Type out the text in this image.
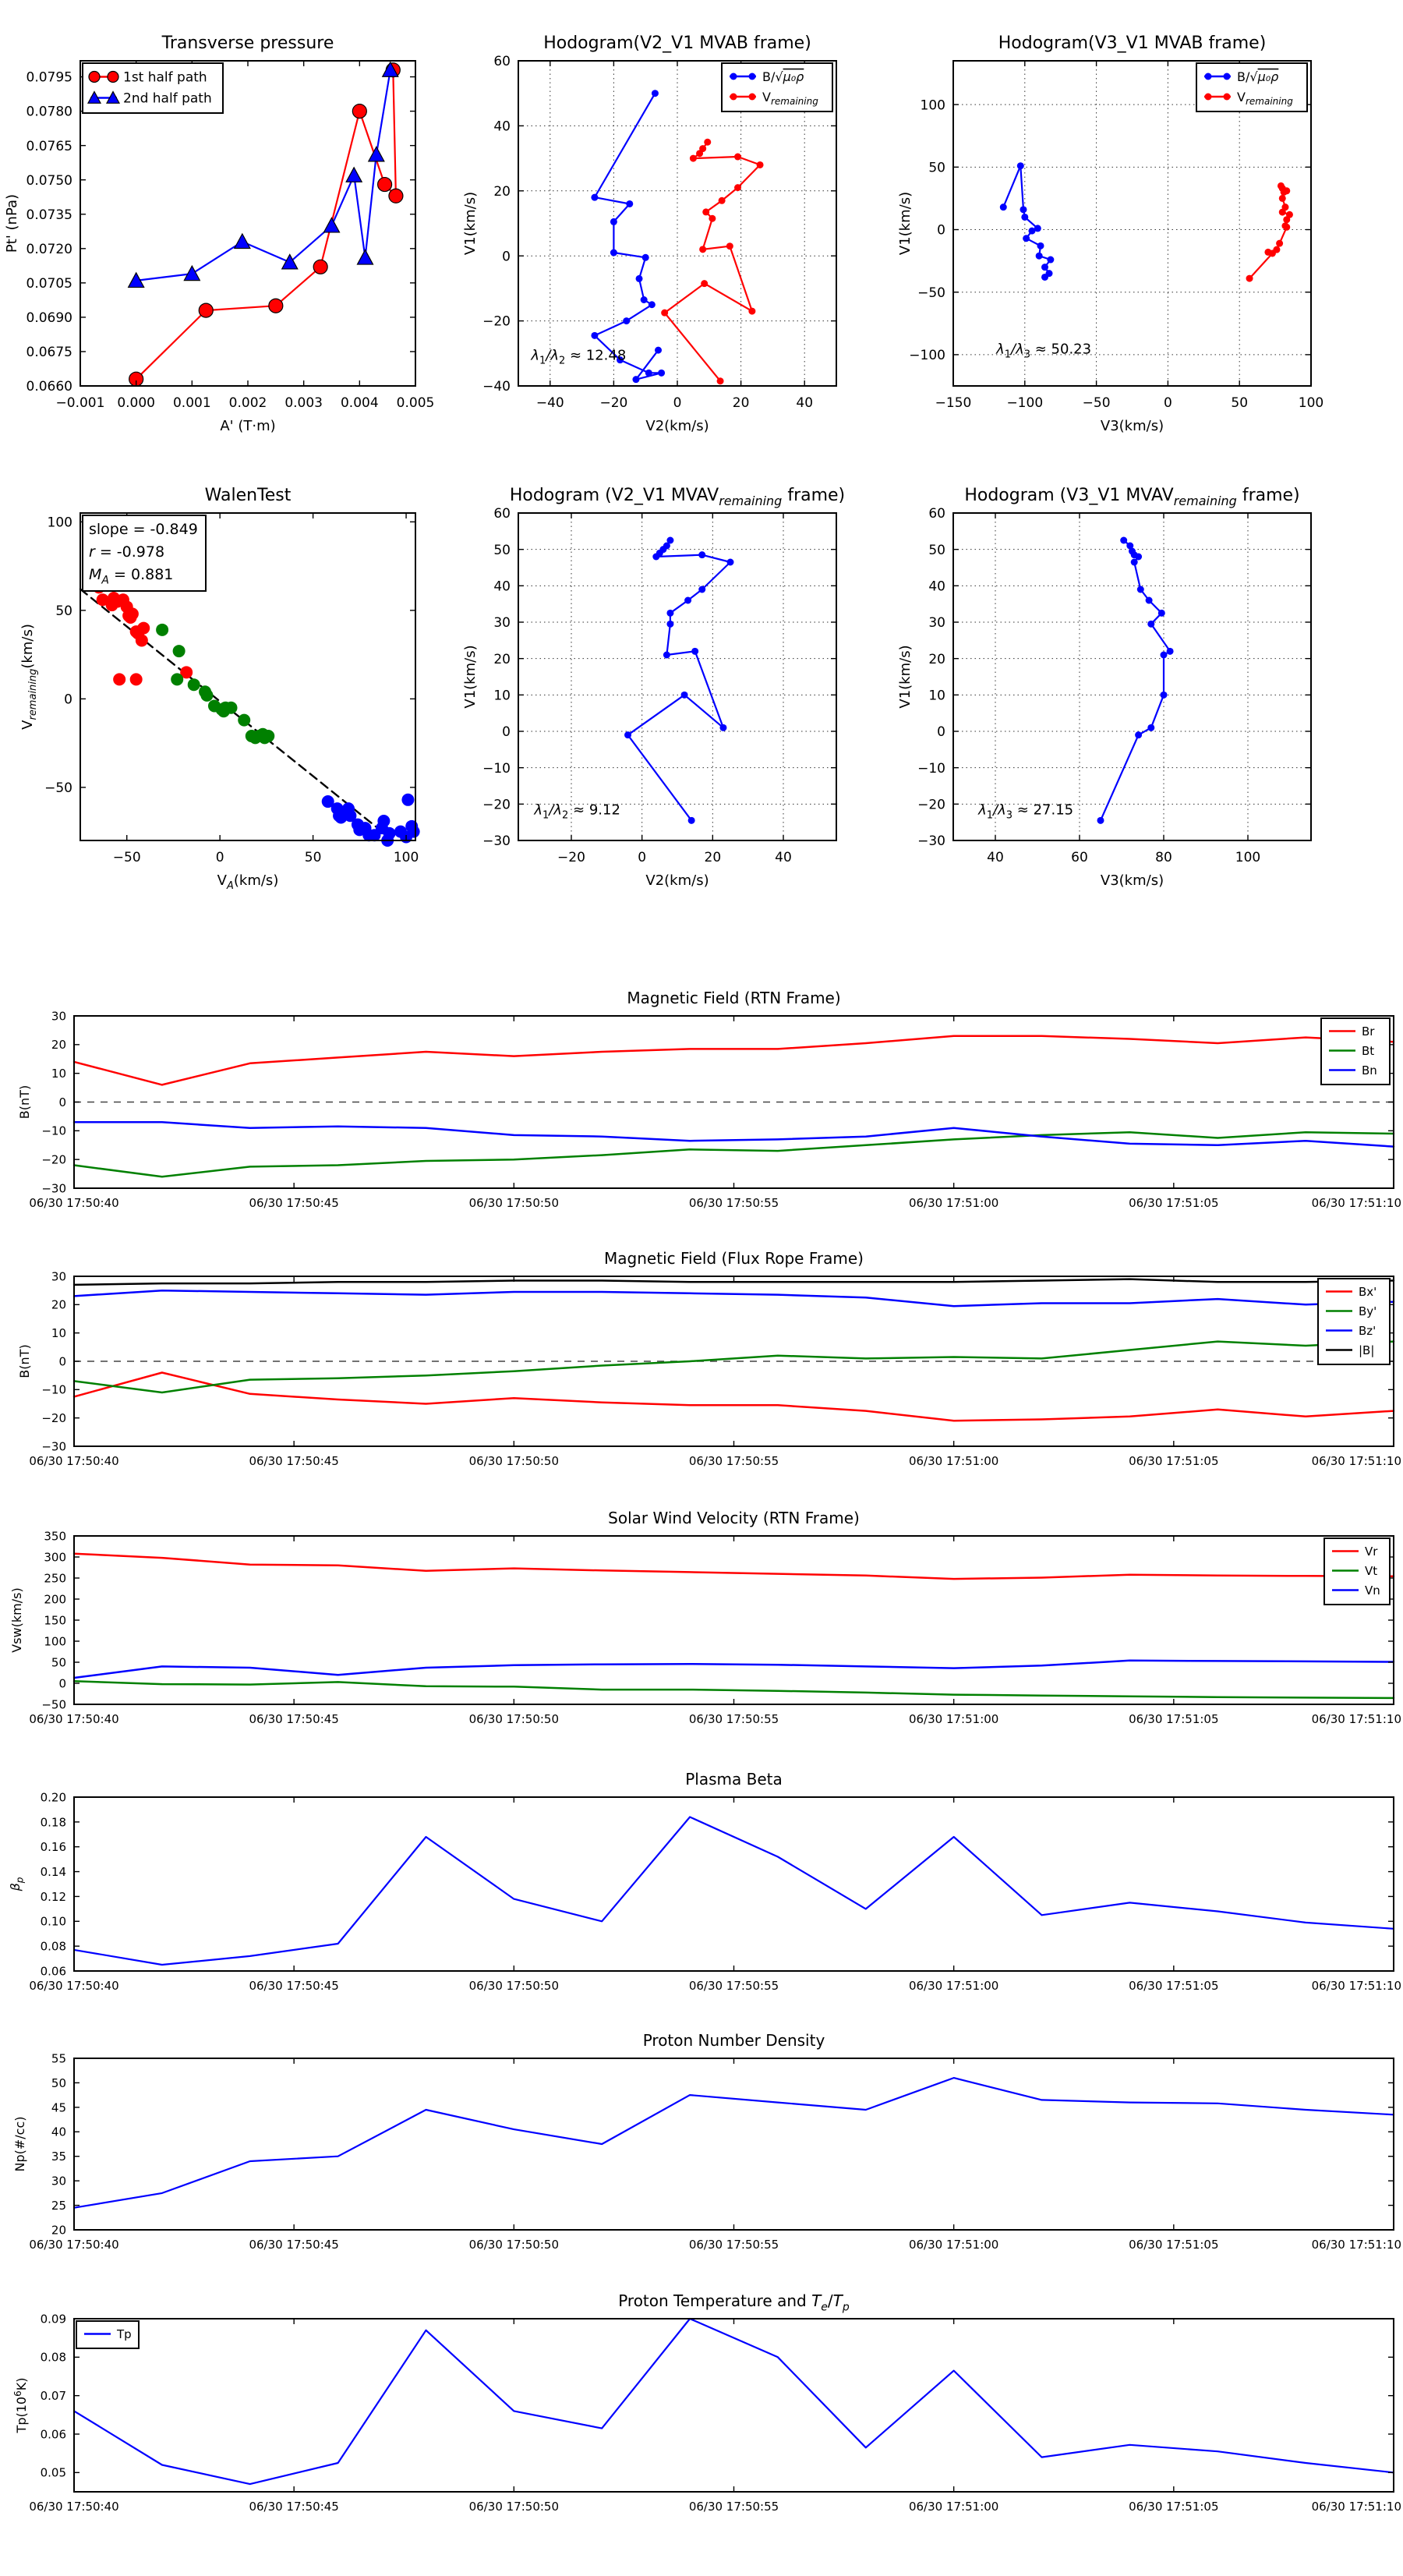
−0.001 0.000 0.001 0.002 0.003 0.004 0.005
0.0660
0.0675
0.0690
0.0705
0.0720
0.0735
0.0750
0.0765
0.0780
0.0795
Transverse pressure
A' (T·m)
Pt' (nPa)
1st half path
2nd half path
−40	−20	0	20	40
−40
−20
0
20
40
60
Hodogram(V2_V1 MVAB frame)
V2(km/s)
V1(km/s)
$\lambda_1/\lambda_2 \approx 12.48$
B/√μ₀ρ
$V_{remaining}$
−150	−100	−50	0	50	100
−100
−50
0
50
100
Hodogram(V3_V1 MVAB frame)
V3(km/s)
V1(km/s)
$\lambda_1/\lambda_3 \approx 50.23$
B/√μ₀ρ
$V_{remaining}$
−50	0	50	100
−50
0
50
100
WalenTest
$V_A(km/s)$
$V_{remaining}(km/s)$
slope = -0.849
r = -0.978
$M_A = 0.881$
−20	0	20	40
−30
−20
−10
0
10
20
30
40
50
60
Hodogram (V2_V1 $MVAV_{remaining}$ frame)
V2(km/s)
V1(km/s)
$\lambda_1/\lambda_2 \approx 9.12$
40	60	80	100
−30
−20
−10
0
10
20
30
40
50
60
Hodogram (V3_V1 $MVAV_{remaining}$ frame)
V3(km/s)
V1(km/s)
$\lambda_1/\lambda_3 \approx 27.15$
06/30 17:50:40	06/30 17:50:45	06/30 17:50:50	06/30 17:50:55	06/30 17:51:00	06/30 17:51:05	06/30 17:51:10
−30
−20
−10
0
10
20
30
Magnetic Field (RTN Frame)
B(nT)
Br
Bt
Bn
06/30 17:50:40	06/30 17:50:45	06/30 17:50:50	06/30 17:50:55	06/30 17:51:00	06/30 17:51:05	06/30 17:51:10
−30
−20
−10
0
10
20
30
Magnetic Field (Flux Rope Frame)
B(nT)
Bx'
By'
Bz'
|B|
06/30 17:50:40	06/30 17:50:45	06/30 17:50:50	06/30 17:50:55	06/30 17:51:00	06/30 17:51:05	06/30 17:51:10
−50
0
50
100
150
200
250
300
350
Solar Wind Velocity (RTN Frame)
Vsw(km/s)
Vr
Vt
Vn
06/30 17:50:40	06/30 17:50:45	06/30 17:50:50	06/30 17:50:55	06/30 17:51:00	06/30 17:51:05	06/30 17:51:10
0.06
0.08
0.10
0.12
0.14
0.16
0.18
0.20
Plasma Beta
$\beta_p$
06/30 17:50:40	06/30 17:50:45	06/30 17:50:50	06/30 17:50:55	06/30 17:51:00	06/30 17:51:05	06/30 17:51:10
20
25
30
35
40
45
50
55
Proton Number Density
Np(#/cc)
06/30 17:50:40	06/30 17:50:45	06/30 17:50:50	06/30 17:50:55	06/30 17:51:00	06/30 17:51:05	06/30 17:51:10
0.05
0.06
0.07
0.08
0.09
Proton Temperature and $T_e/T_p$
$Tp(10^6K)$
Tp
